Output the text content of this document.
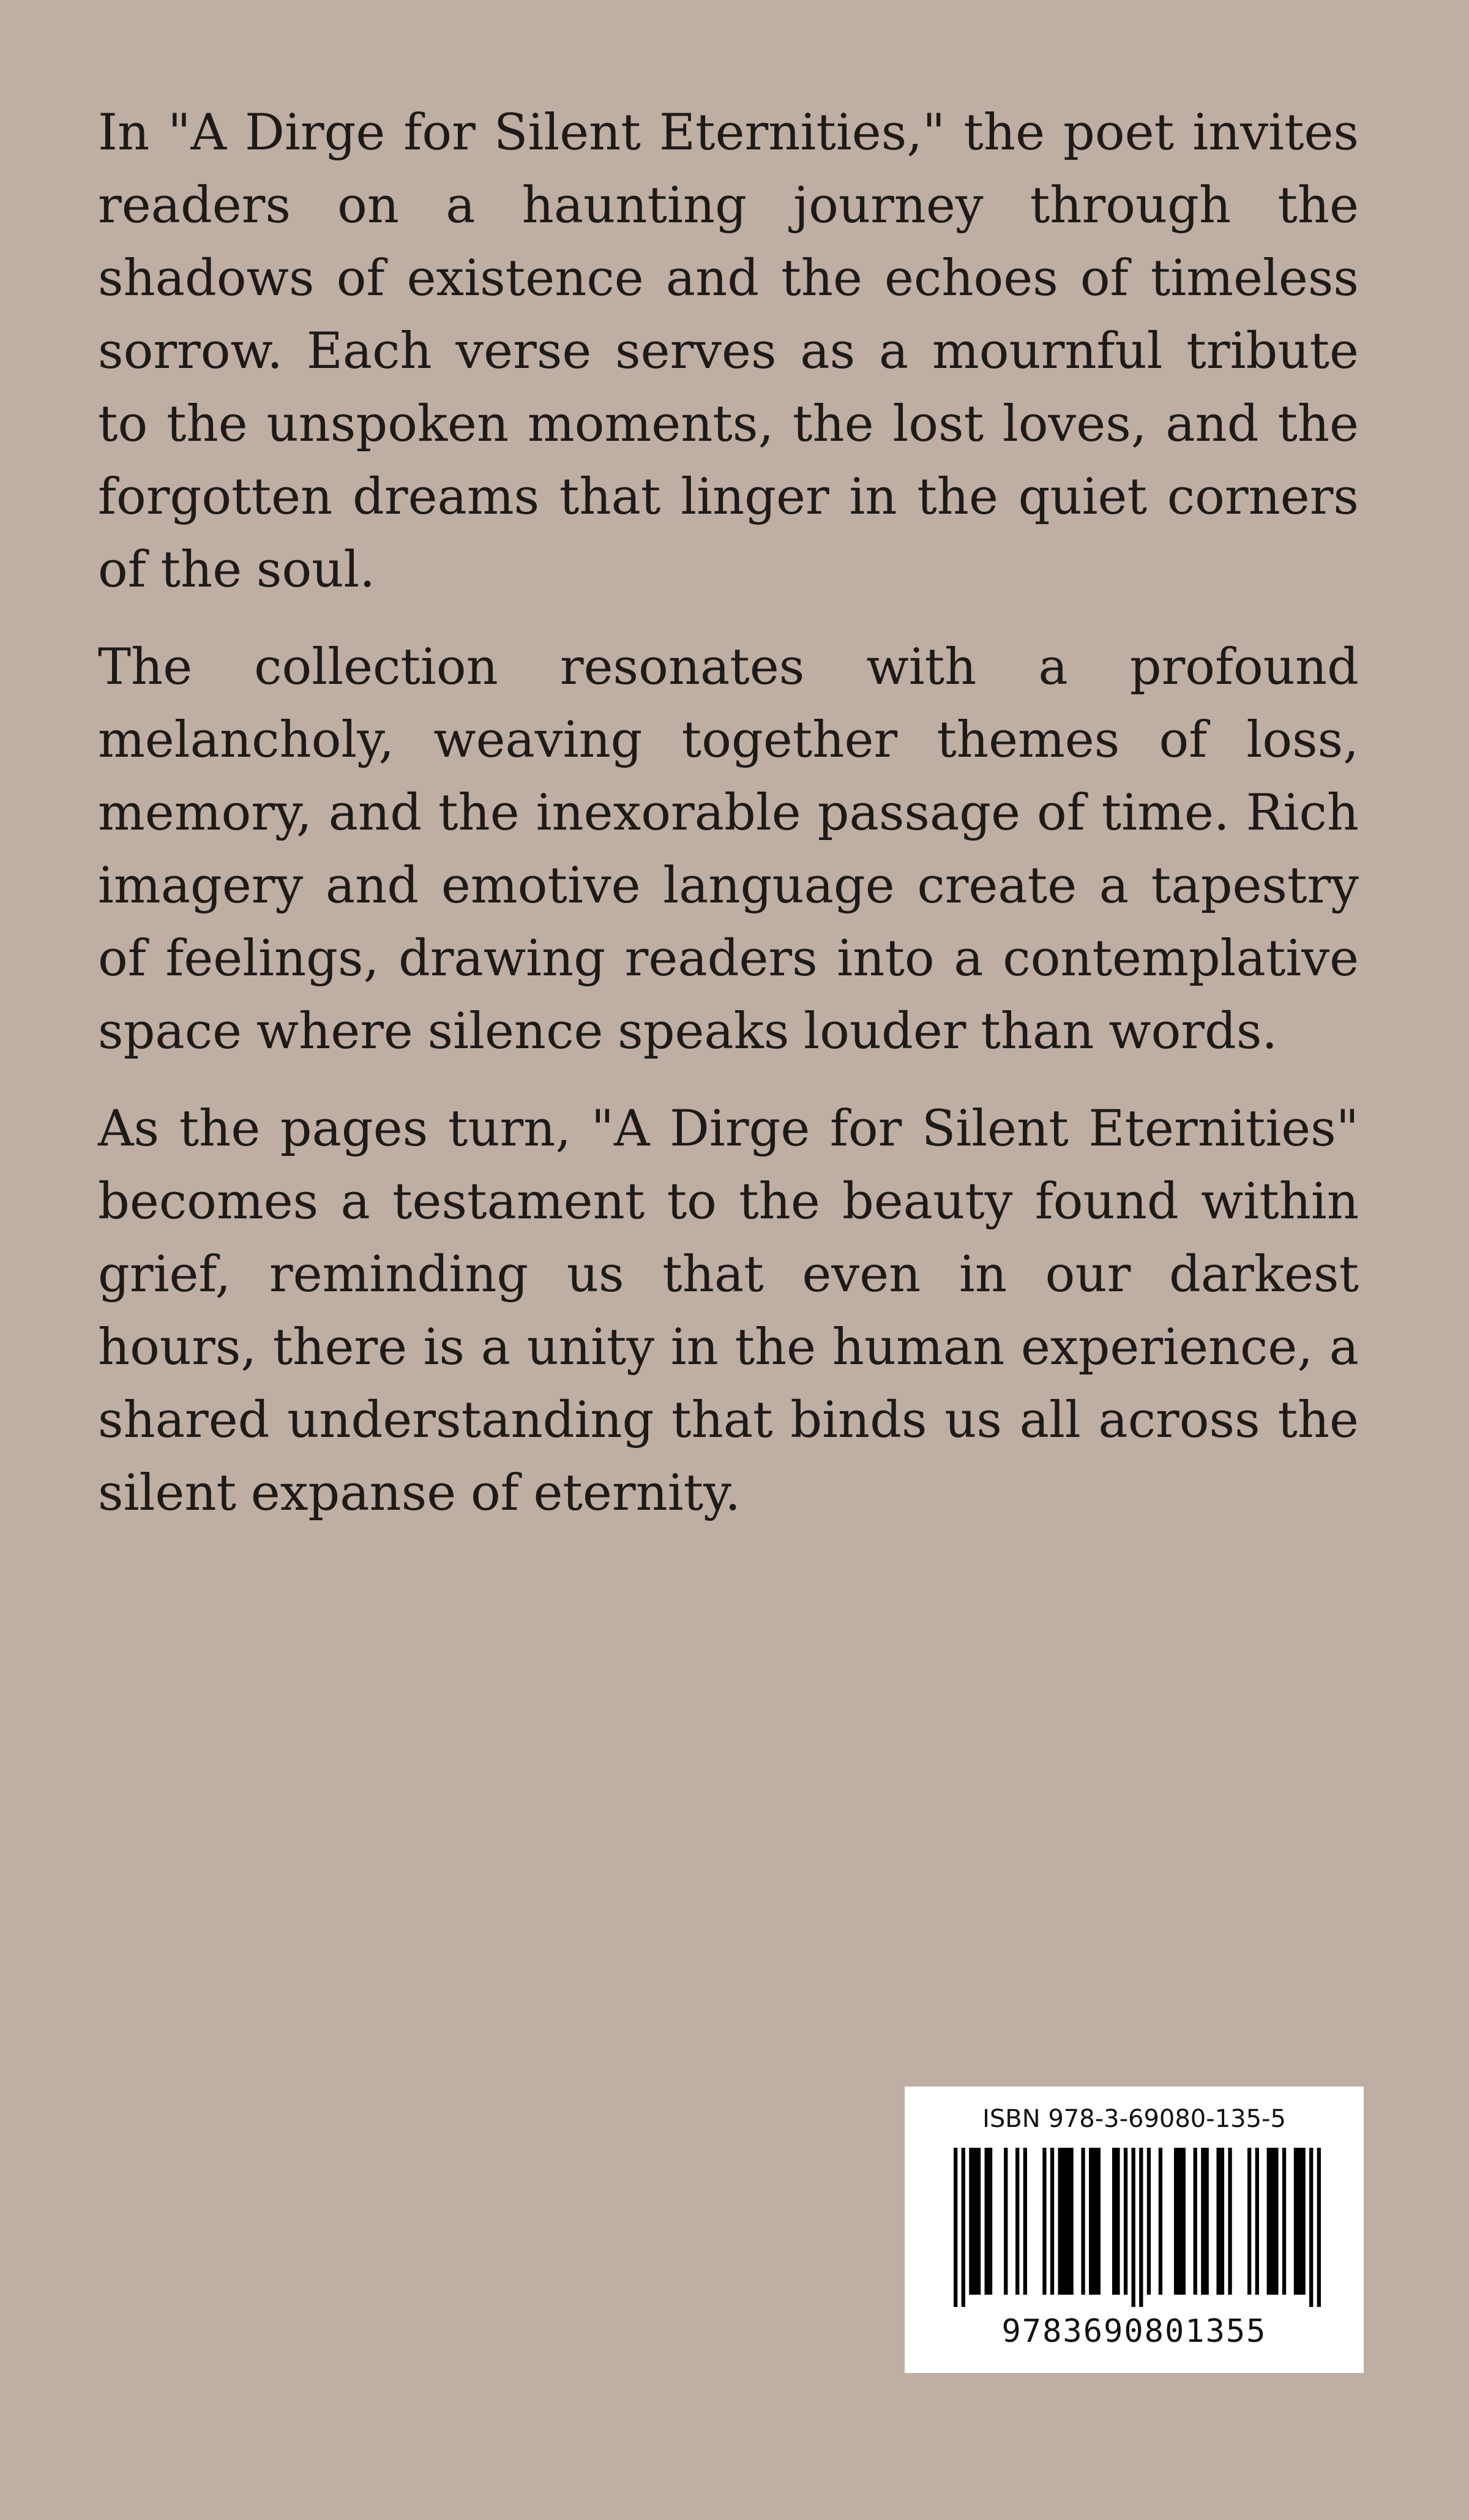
In "A Dirge for Silent Eternities," the poet invites readers on a haunting journey through the shadows of existence and the echoes of timeless sorrow. Each verse serves as a mournful tribute to the unspoken moments, the lost loves, and the forgotten dreams that linger in the quiet corners of the soul.

The collection resonates with a profound melancholy, weaving together themes of loss, memory, and the inexorable passage of time. Rich imagery and emotive language create a tapestry of feelings, drawing readers into a contemplative space where silence speaks louder than words.

As the pages turn, "A Dirge for Silent Eternities" becomes a testament to the beauty found within grief, reminding us that even in our darkest hours, there is a unity in the human experience, a shared understanding that binds us all across the silent expanse of eternity.

ISBN 978-3-69080-135-5
9783690801355
